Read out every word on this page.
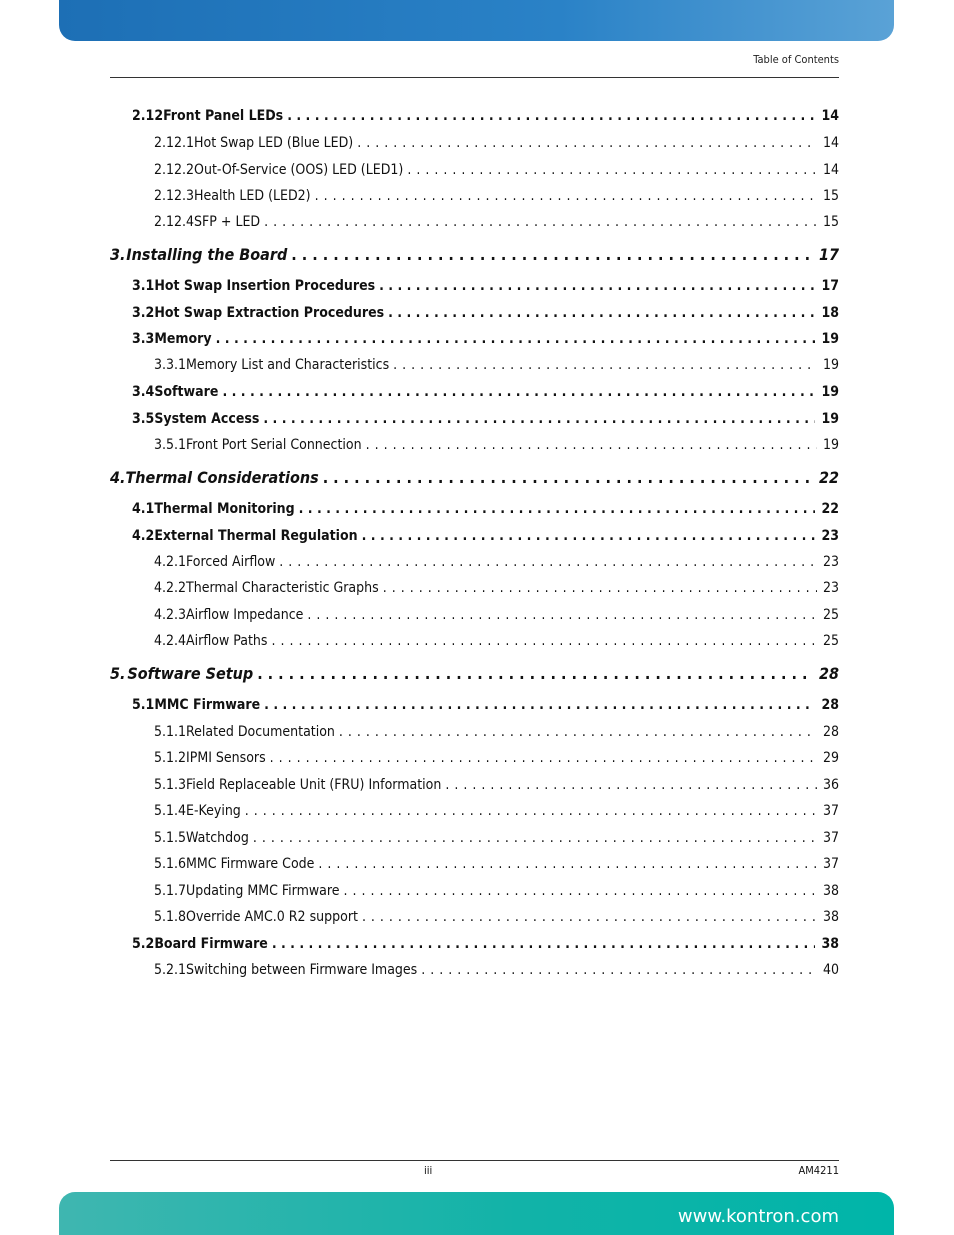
Table of Contents
2.12 Front Panel LEDs . . .	14
2.12.1 Hot Swap LED (Blue LED) . . .	14
2.12.2 Out-Of-Service (OOS) LED (LED1) . . .	14
2.12.3 Health LED (LED2) . . .	15
2.12.4 SFP + LED . . .	15
3. Installing the Board . . .	17
3.1 Hot Swap Insertion Procedures . . .	17
3.2 Hot Swap Extraction Procedures . . .	18
3.3 Memory . . .	19
3.3.1 Memory List and Characteristics . . .	19
3.4 Software . . .	19
3.5 System Access . . .	19
3.5.1 Front Port Serial Connection . . .	19
4. Thermal Considerations . . .	22
4.1 Thermal Monitoring . . .	22
4.2 External Thermal Regulation . . .	23
4.2.1 Forced Airflow . . .	23
4.2.2 Thermal Characteristic Graphs . . .	23
4.2.3 Airflow Impedance . . .	25
4.2.4 Airflow Paths . . .	25
5. Software Setup . . .	28
5.1 MMC Firmware . . .	28
5.1.1 Related Documentation . . .	28
5.1.2 IPMI Sensors . . .	29
5.1.3 Field Replaceable Unit (FRU) Information . . .	36
5.1.4 E-Keying . . .	37
5.1.5 Watchdog . . .	37
5.1.6 MMC Firmware Code . . .	37
5.1.7 Updating MMC Firmware . . .	38
5.1.8 Override AMC.0 R2 support . . .	38
5.2 Board Firmware . . .	38
5.2.1 Switching between Firmware Images . . .	40
iii	AM4211
www.kontron.com
